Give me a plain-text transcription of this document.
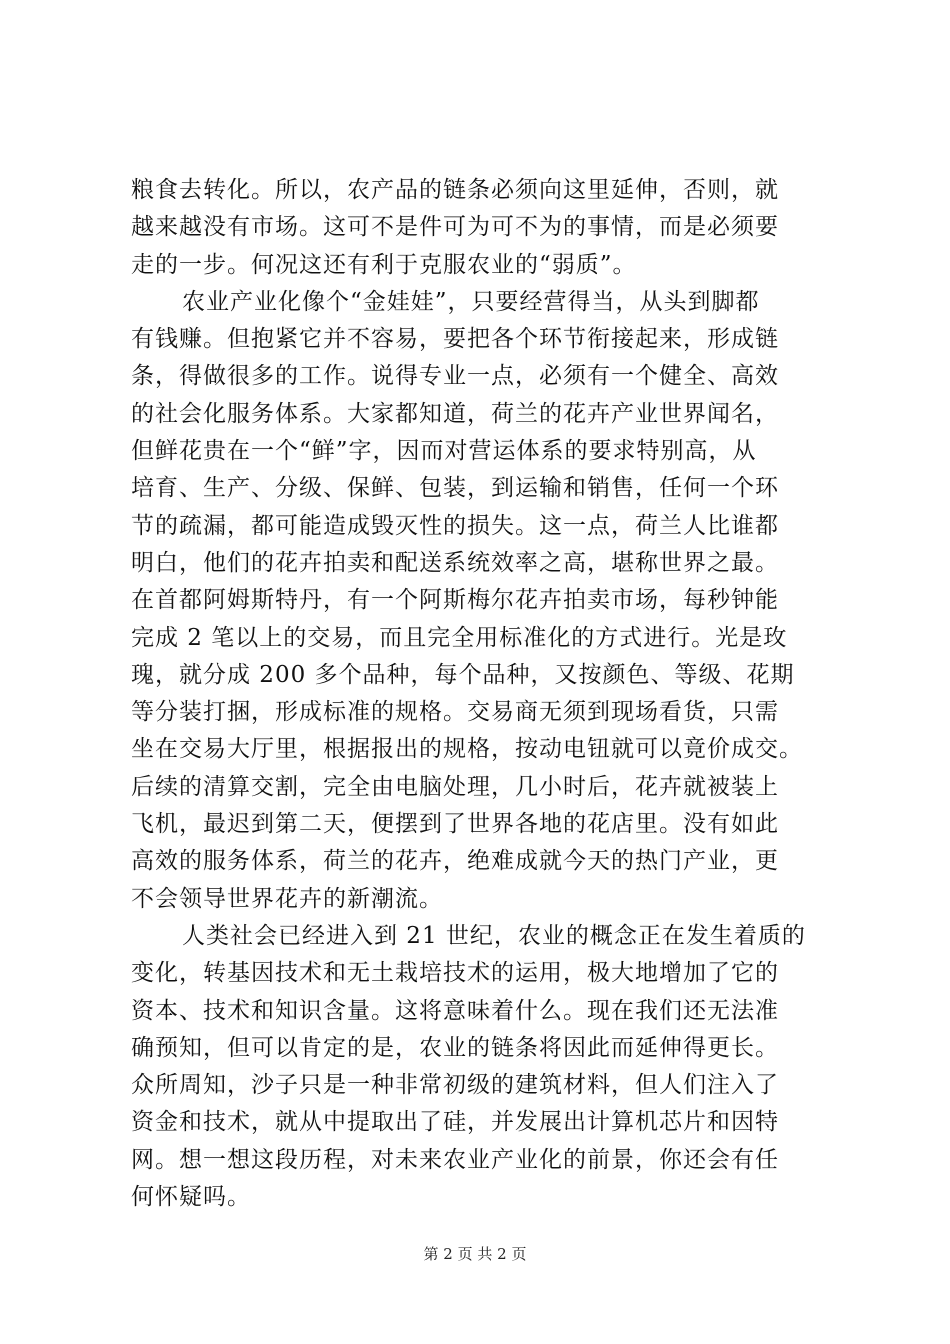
粮食去转化。所以，农产品的链条必须向这里延伸，否则，就
越来越没有市场。这可不是件可为可不为的事情，而是必须要
走的一步。何况这还有利于克服农业的“弱质”。
农业产业化像个“金娃娃”，只要经营得当，从头到脚都
有钱赚。但抱紧它并不容易，要把各个环节衔接起来，形成链
条，得做很多的工作。说得专业一点，必须有一个健全、高效
的社会化服务体系。大家都知道，荷兰的花卉产业世界闻名，
但鲜花贵在一个“鲜”字，因而对营运体系的要求特别高，从
培育、生产、分级、保鲜、包装，到运输和销售，任何一个环
节的疏漏，都可能造成毁灭性的损失。这一点，荷兰人比谁都
明白，他们的花卉拍卖和配送系统效率之高，堪称世界之最。
在首都阿姆斯特丹，有一个阿斯梅尔花卉拍卖市场，每秒钟能
完成 2 笔以上的交易，而且完全用标准化的方式进行。光是玫
瑰，就分成 200 多个品种，每个品种，又按颜色、等级、花期
等分装打捆，形成标准的规格。交易商无须到现场看货，只需
坐在交易大厅里，根据报出的规格，按动电钮就可以竟价成交。
后续的清算交割，完全由电脑处理，几小时后，花卉就被装上
飞机，最迟到第二天，便摆到了世界各地的花店里。没有如此
高效的服务体系，荷兰的花卉，绝难成就今天的热门产业，更
不会领导世界花卉的新潮流。
人类社会已经进入到 21 世纪，农业的概念正在发生着质的
变化，转基因技术和无土栽培技术的运用，极大地增加了它的
资本、技术和知识含量。这将意味着什么。现在我们还无法准
确预知，但可以肯定的是，农业的链条将因此而延伸得更长。
众所周知，沙子只是一种非常初级的建筑材料，但人们注入了
资金和技术，就从中提取出了硅，并发展出计算机芯片和因特
网。想一想这段历程，对未来农业产业化的前景，你还会有任
何怀疑吗。
第 2 页 共 2 页
